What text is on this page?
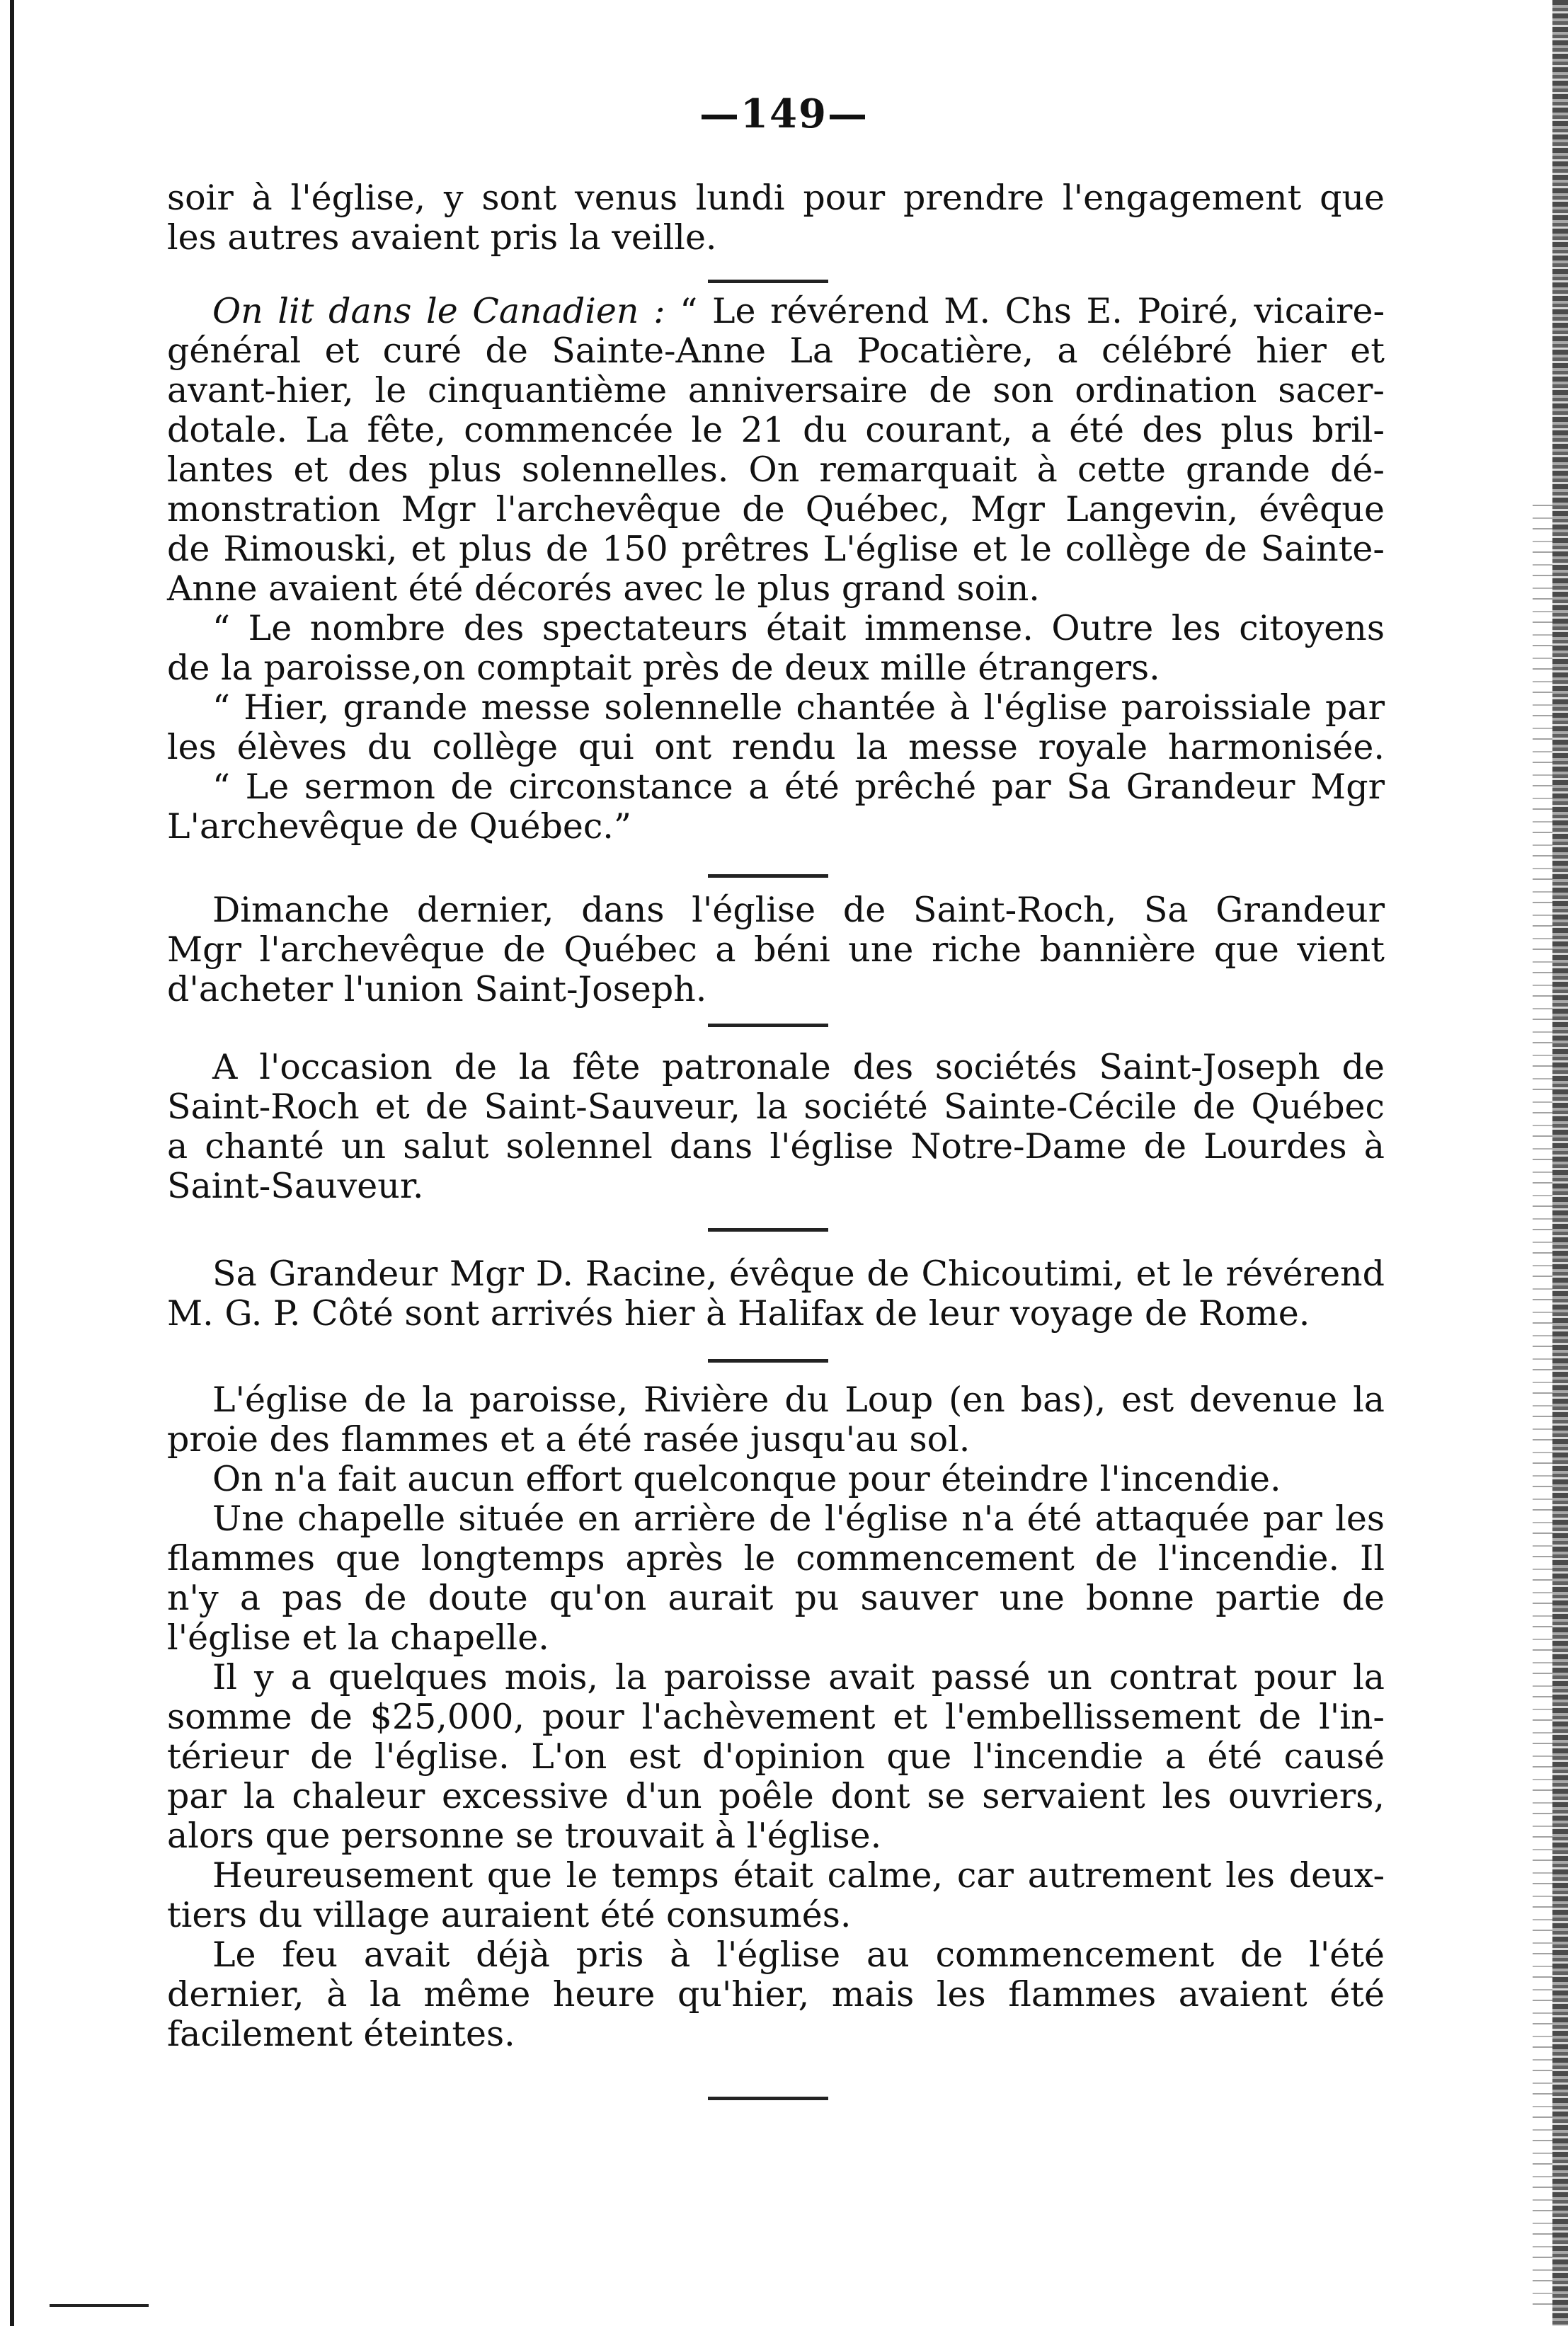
—149—
soir à l'église, y sont venus lundi pour prendre l'engagement que
les autres avaient pris la veille.
On lit dans le Canadien : “ Le révérend M. Chs E. Poiré, vicaire-
général et curé de Sainte-Anne La Pocatière, a célébré hier et
avant-hier, le cinquantième anniversaire de son ordination sacer-
dotale. La fête, commencée le 21 du courant, a été des plus bril-
lantes et des plus solennelles. On remarquait à cette grande dé-
monstration Mgr l'archevêque de Québec, Mgr Langevin, évêque
de Rimouski, et plus de 150 prêtres L'église et le collège de Sainte-
Anne avaient été décorés avec le plus grand soin.
“ Le nombre des spectateurs était immense. Outre les citoyens
de la paroisse,on comptait près de deux mille étrangers.
“ Hier, grande messe solennelle chantée à l'église paroissiale par
les élèves du collège qui ont rendu la messe royale harmonisée.
“ Le sermon de circonstance a été prêché par Sa Grandeur Mgr
L'archevêque de Québec.”
Dimanche dernier, dans l'église de Saint-Roch, Sa Grandeur
Mgr l'archevêque de Québec a béni une riche bannière que vient
d'acheter l'union Saint-Joseph.
A l'occasion de la fête patronale des sociétés Saint-Joseph de
Saint-Roch et de Saint-Sauveur, la société Sainte-Cécile de Québec
a chanté un salut solennel dans l'église Notre-Dame de Lourdes à
Saint-Sauveur.
Sa Grandeur Mgr D. Racine, évêque de Chicoutimi, et le révérend
M. G. P. Côté sont arrivés hier à Halifax de leur voyage de Rome.
L'église de la paroisse, Rivière du Loup (en bas), est devenue la
proie des flammes et a été rasée jusqu'au sol.
On n'a fait aucun effort quelconque pour éteindre l'incendie.
Une chapelle située en arrière de l'église n'a été attaquée par les
flammes que longtemps après le commencement de l'incendie. Il
n'y a pas de doute qu'on aurait pu sauver une bonne partie de
l'église et la chapelle.
Il y a quelques mois, la paroisse avait passé un contrat pour la
somme de $25,000, pour l'achèvement et l'embellissement de l'in-
térieur de l'église. L'on est d'opinion que l'incendie a été causé
par la chaleur excessive d'un poêle dont se servaient les ouvriers,
alors que personne se trouvait à l'église.
Heureusement que le temps était calme, car autrement les deux-
tiers du village auraient été consumés.
Le feu avait déjà pris à l'église au commencement de l'été
dernier, à la même heure qu'hier, mais les flammes avaient été
facilement éteintes.
